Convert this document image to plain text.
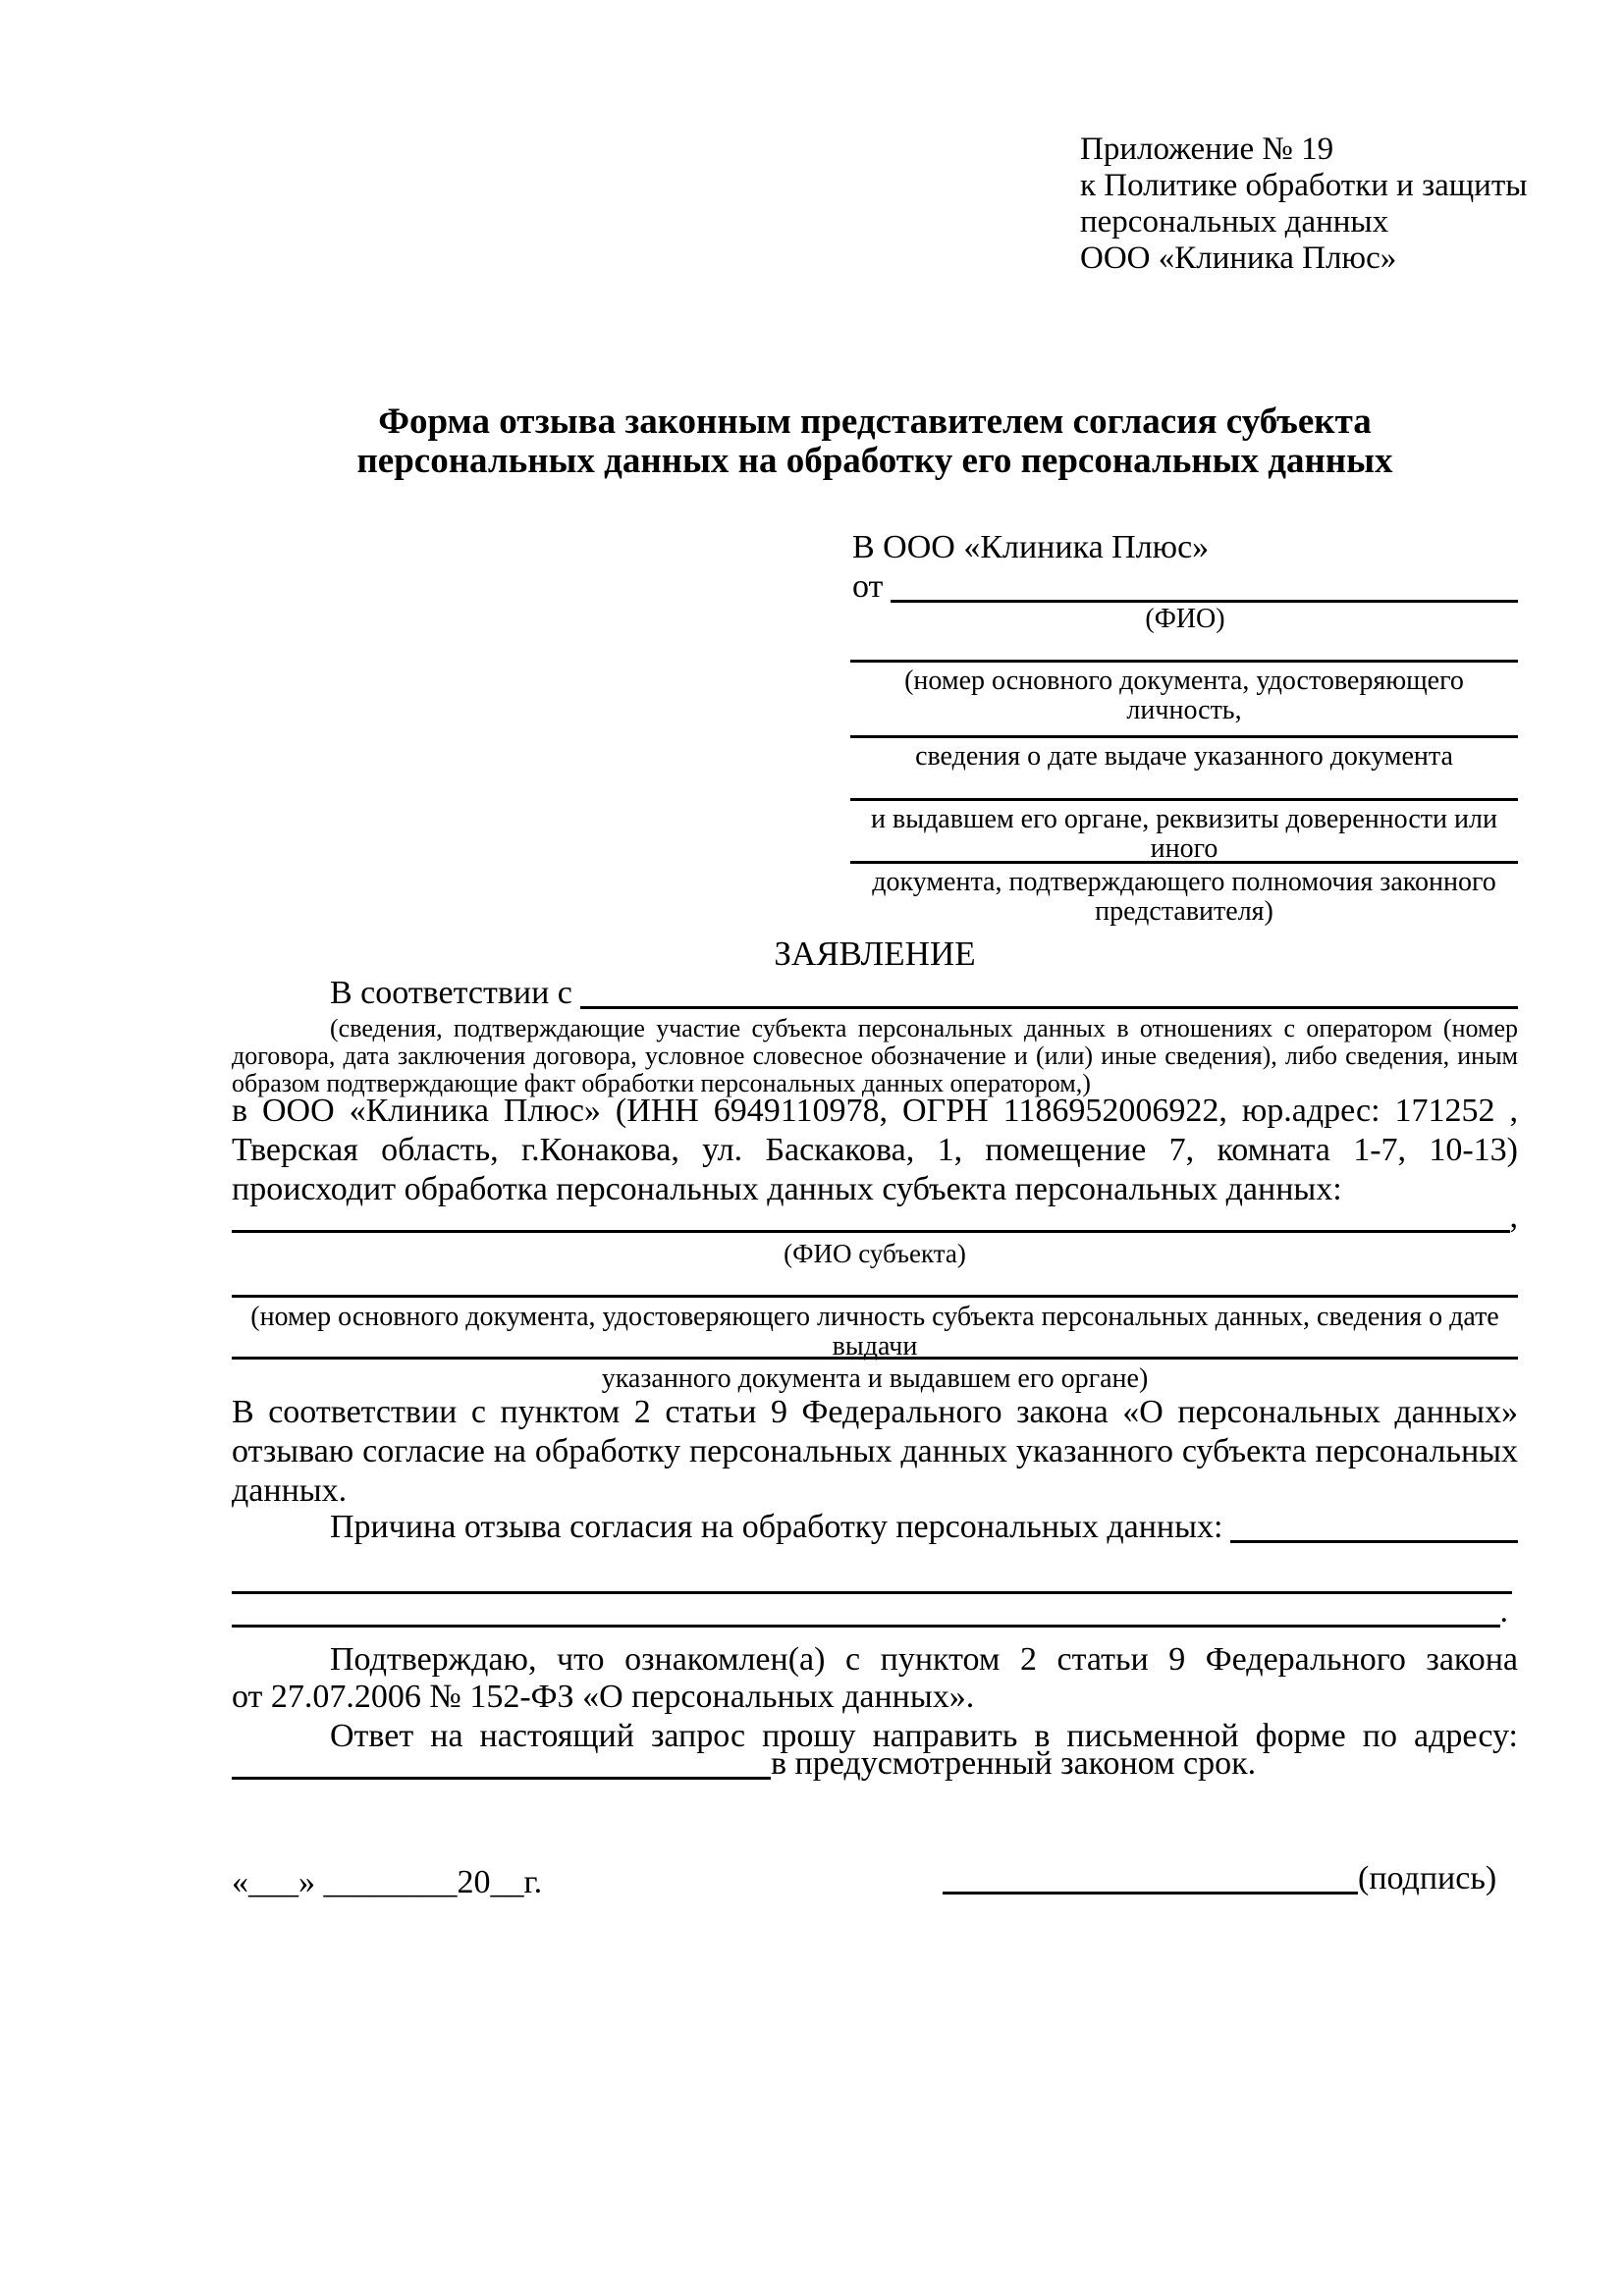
Приложение № 19
к Политике обработки и защиты
персональных данных
ООО «Клиника Плюс»
Форма отзыва законным представителем согласия субъекта
персональных данных на обработку его персональных данных
В ООО «Клиника Плюс»
от
(ФИО)
(номер основного документа, удостоверяющего личность,
сведения о дате выдаче указанного документа
и выдавшем его органе, реквизиты доверенности или иного
документа, подтверждающего полномочия законного представителя)
ЗАЯВЛЕНИЕ
В соответствии с
(сведения, подтверждающие участие субъекта персональных данных в отношениях с оператором (номер договора, дата заключения договора, условное словесное обозначение и (или) иные сведения), либо сведения, иным образом подтверждающие факт обработки персональных данных оператором,)
в ООО «Клиника Плюс» (ИНН 6949110978, ОГРН 1186952006922, юр.адрес: 171252 , Тверская область, г.Конакова, ул. Баскакова, 1, помещение 7, комната 1-7, 10-13) происходит обработка персональных данных субъекта персональных данных:
,
(ФИО субъекта)
(номер основного документа, удостоверяющего личность субъекта персональных данных, сведения о дате выдачи
указанного документа и выдавшем его органе)
В соответствии с пунктом 2 статьи 9 Федерального закона «О персональных данных» отзываю согласие на обработку персональных данных указанного субъекта персональных данных.
Причина отзыва согласия на обработку персональных данных:
.
Подтверждаю, что ознакомлен(а) с пунктом 2 статьи 9 Федерального закона
от 27.07.2006 № 152-ФЗ «О персональных данных».
Ответ на настоящий запрос прошу направить в письменной форме по адресу:
в предусмотренный законом срок.
«___» ________20__г.	(подпись)
